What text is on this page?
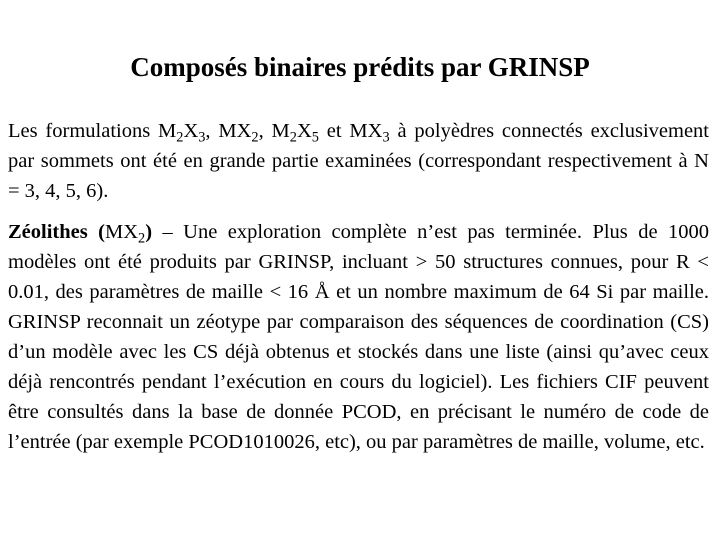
Composés binaires prédits par GRINSP
Les formulations $M_2X_3$, $MX_2$, $M_2X_5$ et $MX_3$ à polyèdres connectés exclusivement par sommets ont été en grande partie examinées (correspondant respectivement à N = 3, 4, 5, 6).
Zéolithes $(MX_2)$ – Une exploration complète n’est pas terminée. Plus de 1000 modèles ont été produits par GRINSP, incluant > 50 structures connues, pour R < 0.01, des paramètres de maille < 16 Å et un nombre maximum de 64 Si par maille. GRINSP reconnait un zéotype par comparaison des séquences de coordination (CS) d’un modèle avec les CS déjà obtenus et stockés dans une liste (ainsi qu’avec ceux déjà rencontrés pendant l’exécution en cours du logiciel). Les fichiers CIF peuvent être consultés dans la base de donnée PCOD, en précisant le numéro de code de l’entrée (par exemple PCOD1010026, etc), ou par paramètres de maille, volume, etc.
